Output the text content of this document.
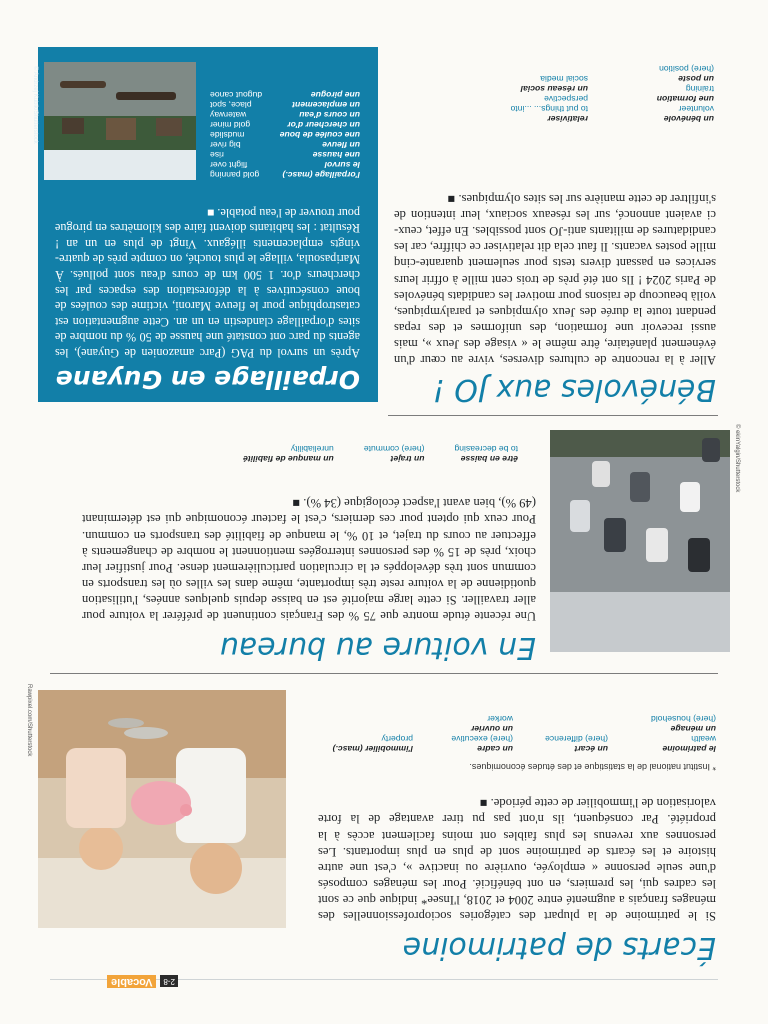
2-8
Vocable
Écarts de patrimoine

Si le patrimoine de la plupart des catégories socioprofessionnelles des ménages français a augmenté entre 2004 et 2018, l'Insee* indique que ce sont les cadres qui, les premiers, en ont bénéficié. Pour les ménages composés d'une seule personne « employée, ouvrière ou inactive », c'est une autre histoire et les écarts de patrimoine sont de plus en plus importants. Les personnes aux revenus les plus faibles ont moins facilement accès à la propriété. Par conséquent, ils n'ont pas pu tirer avantage de la forte valorisation de l'immobilier de cette période. ■

* Institut national de la statistique et des études économiques.
le patrimoine
wealth
un ménage
(here) household
un écart
(here) difference
un cadre
(here) executive
un ouvrier
worker
l'immobilier (masc.)
property
Rawpixel.com/Shutterstock
En voiture au bureau

Une récente étude montre que 75 % des Français continuent de préférer la voiture pour aller travailler. Si cette large majorité est en baisse depuis quelques années, l'utilisation quotidienne de la voiture reste très importante, même dans les villes où les transports en commun sont très développés et la circulation particulièrement dense. Pour justifier leur choix, près de 15 % des personnes interrogées mentionnent le nombre de changements à effectuer au cours du trajet, et 10 %, le manque de fiabilité des transports en commun. Pour ceux qui optent pour ces derniers, c'est le facteur économique qui est déterminant (49 %), bien avant l'aspect écologique (34 %). ■

être en baisse
to be decreasing
un trajet
(here) commute
un manque de fiabilité
unreliability	© ekinYalgin/Shutterstock
Bénévoles aux JO !

Aller à la rencontre de cultures diverses, vivre au cœur d'un événement planétaire, être même le « visage des Jeux », mais aussi recevoir une formation, des uniformes et des repas pendant toute la durée des Jeux olympiques et paralympiques, voilà beaucoup de raisons pour motiver les candidats bénévoles de Paris 2024 ! Ils ont été près de trois cent mille à offrir leurs services en passant divers tests pour seulement quarante-cinq mille postes vacants. Il faut cela dit relativiser ce chiffre, car les candidatures de militants anti-JO sont possibles. En effet, ceux-ci avaient annoncé, sur les réseaux sociaux, leur intention de s'infiltrer de cette manière sur les sites olympiques. ■

un bénévole
volunteer
une formation
training
un poste
(here) position
relativiser
to put things... ...into perspective
un réseau social
social media
Orpaillage en Guyane

Après un survol du PAG (Parc amazonien de Guyane), les agents du parc ont constaté une hausse de 50 % du nombre de sites d'orpaillage clandestin en un an. Cette augmentation est catastrophique pour le fleuve Maroni, victime des coulées de boue consécutives à la déforestation des espaces par les chercheurs d'or. 1 500 km de cours d'eau sont pollués. À Maripasoula, village le plus touché, on compte près de quatre-vingts emplacements illégaux. Vingt de plus en un an ! Résultat : les habitants doivent faire des kilomètres en pirogue pour trouver de l'eau potable. ■

l'orpaillage (masc.)
gold panning
le survol
flight over
une hausse
rise
un fleuve
big river
une coulée de boue
mudslide
un chercheur d'or
gold miner
un cours d'eau
waterway
un emplacement
place, spot
une pirogue
dugout canoe
© Andrzej Kubik/Shutterstock
